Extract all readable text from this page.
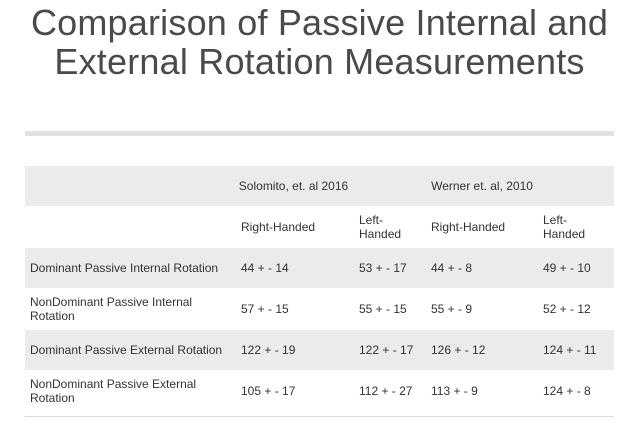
Comparison of Passive Internal and External Rotation Measurements
	Solomito, et. al 2016		Werner et. al, 2010	
	Right-Handed	Left-Handed	Right-Handed	Left-Handed
Dominant Passive Internal Rotation	44 + - 14	53 + - 17	44 + - 8	49 + - 10
NonDominant Passive Internal Rotation	57 + - 15	55 + - 15	55 + - 9	52 + - 12
Dominant Passive External Rotation	122 + - 19	122 + - 17	126 + - 12	124 + - 11
NonDominant Passive External Rotation	105 + - 17	112 + - 27	113 + - 9	124 + - 8
